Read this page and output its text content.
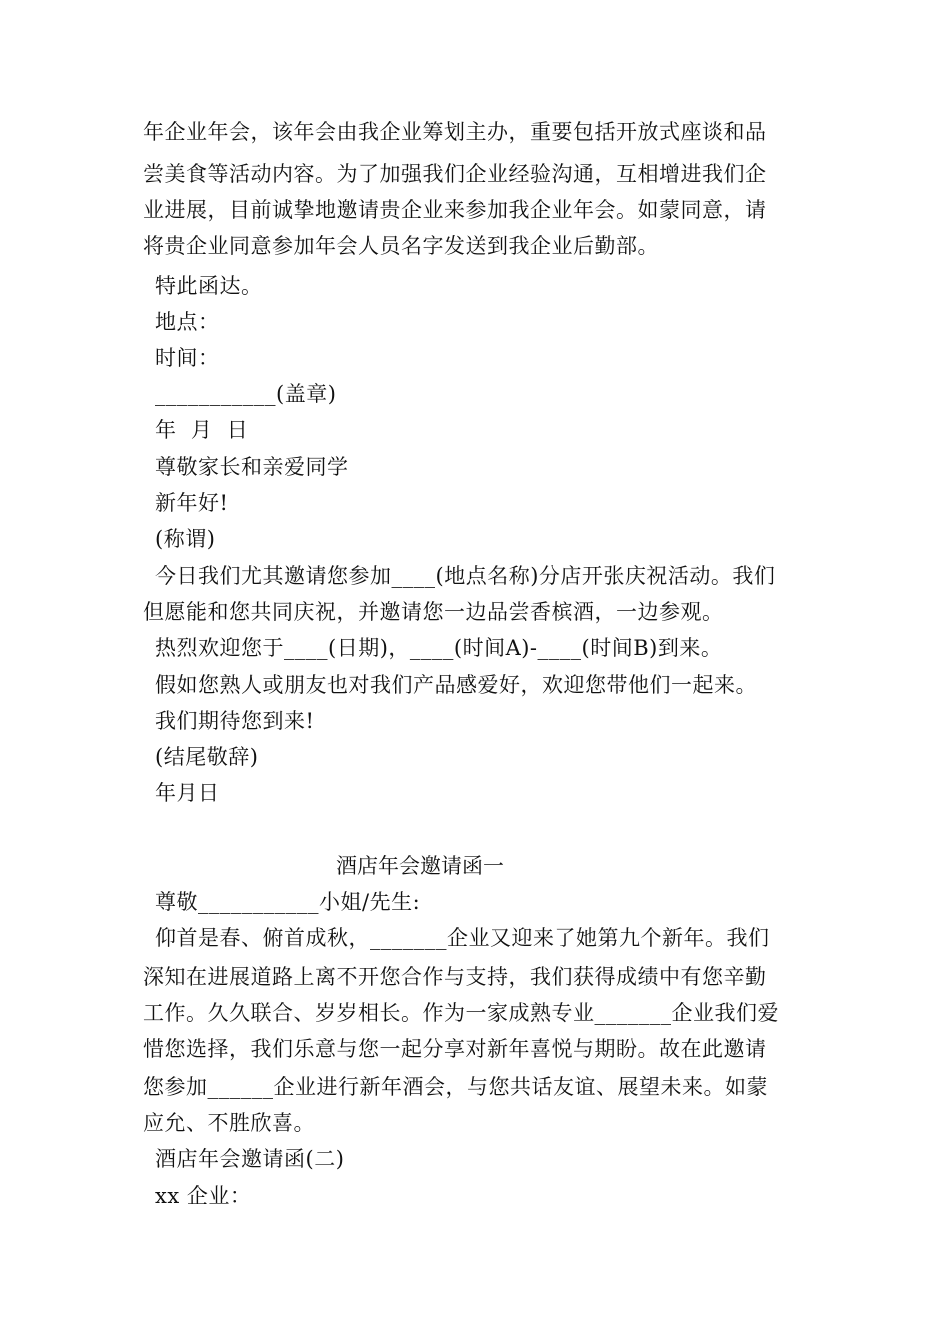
年企业年会，该年会由我企业筹划主办，重要包括开放式座谈和品
尝美食等活动内容。为了加强我们企业经验沟通，互相增进我们企
业进展，目前诚挚地邀请贵企业来参加我企业年会。如蒙同意，请
将贵企业同意参加年会人员名字发送到我企业后勤部。
特此函达。
地点：
时间：
___________(盖章)
年  月  日
尊敬家长和亲爱同学
新年好!
(称谓)
今日我们尤其邀请您参加____(地点名称)分店开张庆祝活动。我们
但愿能和您共同庆祝，并邀请您一边品尝香槟酒，一边参观。
热烈欢迎您于____(日期)，____(时间A)-____(时间B)到来。
假如您熟人或朋友也对我们产品感爱好，欢迎您带他们一起来。
我们期待您到来!
(结尾敬辞)
年月日
酒店年会邀请函一
尊敬___________小姐/先生:
仰首是春、俯首成秋，_______企业又迎来了她第九个新年。我们
深知在进展道路上离不开您合作与支持，我们获得成绩中有您辛勤
工作。久久联合、岁岁相长。作为一家成熟专业_______企业我们爱
惜您选择，我们乐意与您一起分享对新年喜悦与期盼。故在此邀请
您参加______企业进行新年酒会，与您共话友谊、展望未来。如蒙
应允、不胜欣喜。
酒店年会邀请函(二)
xx 企业：
